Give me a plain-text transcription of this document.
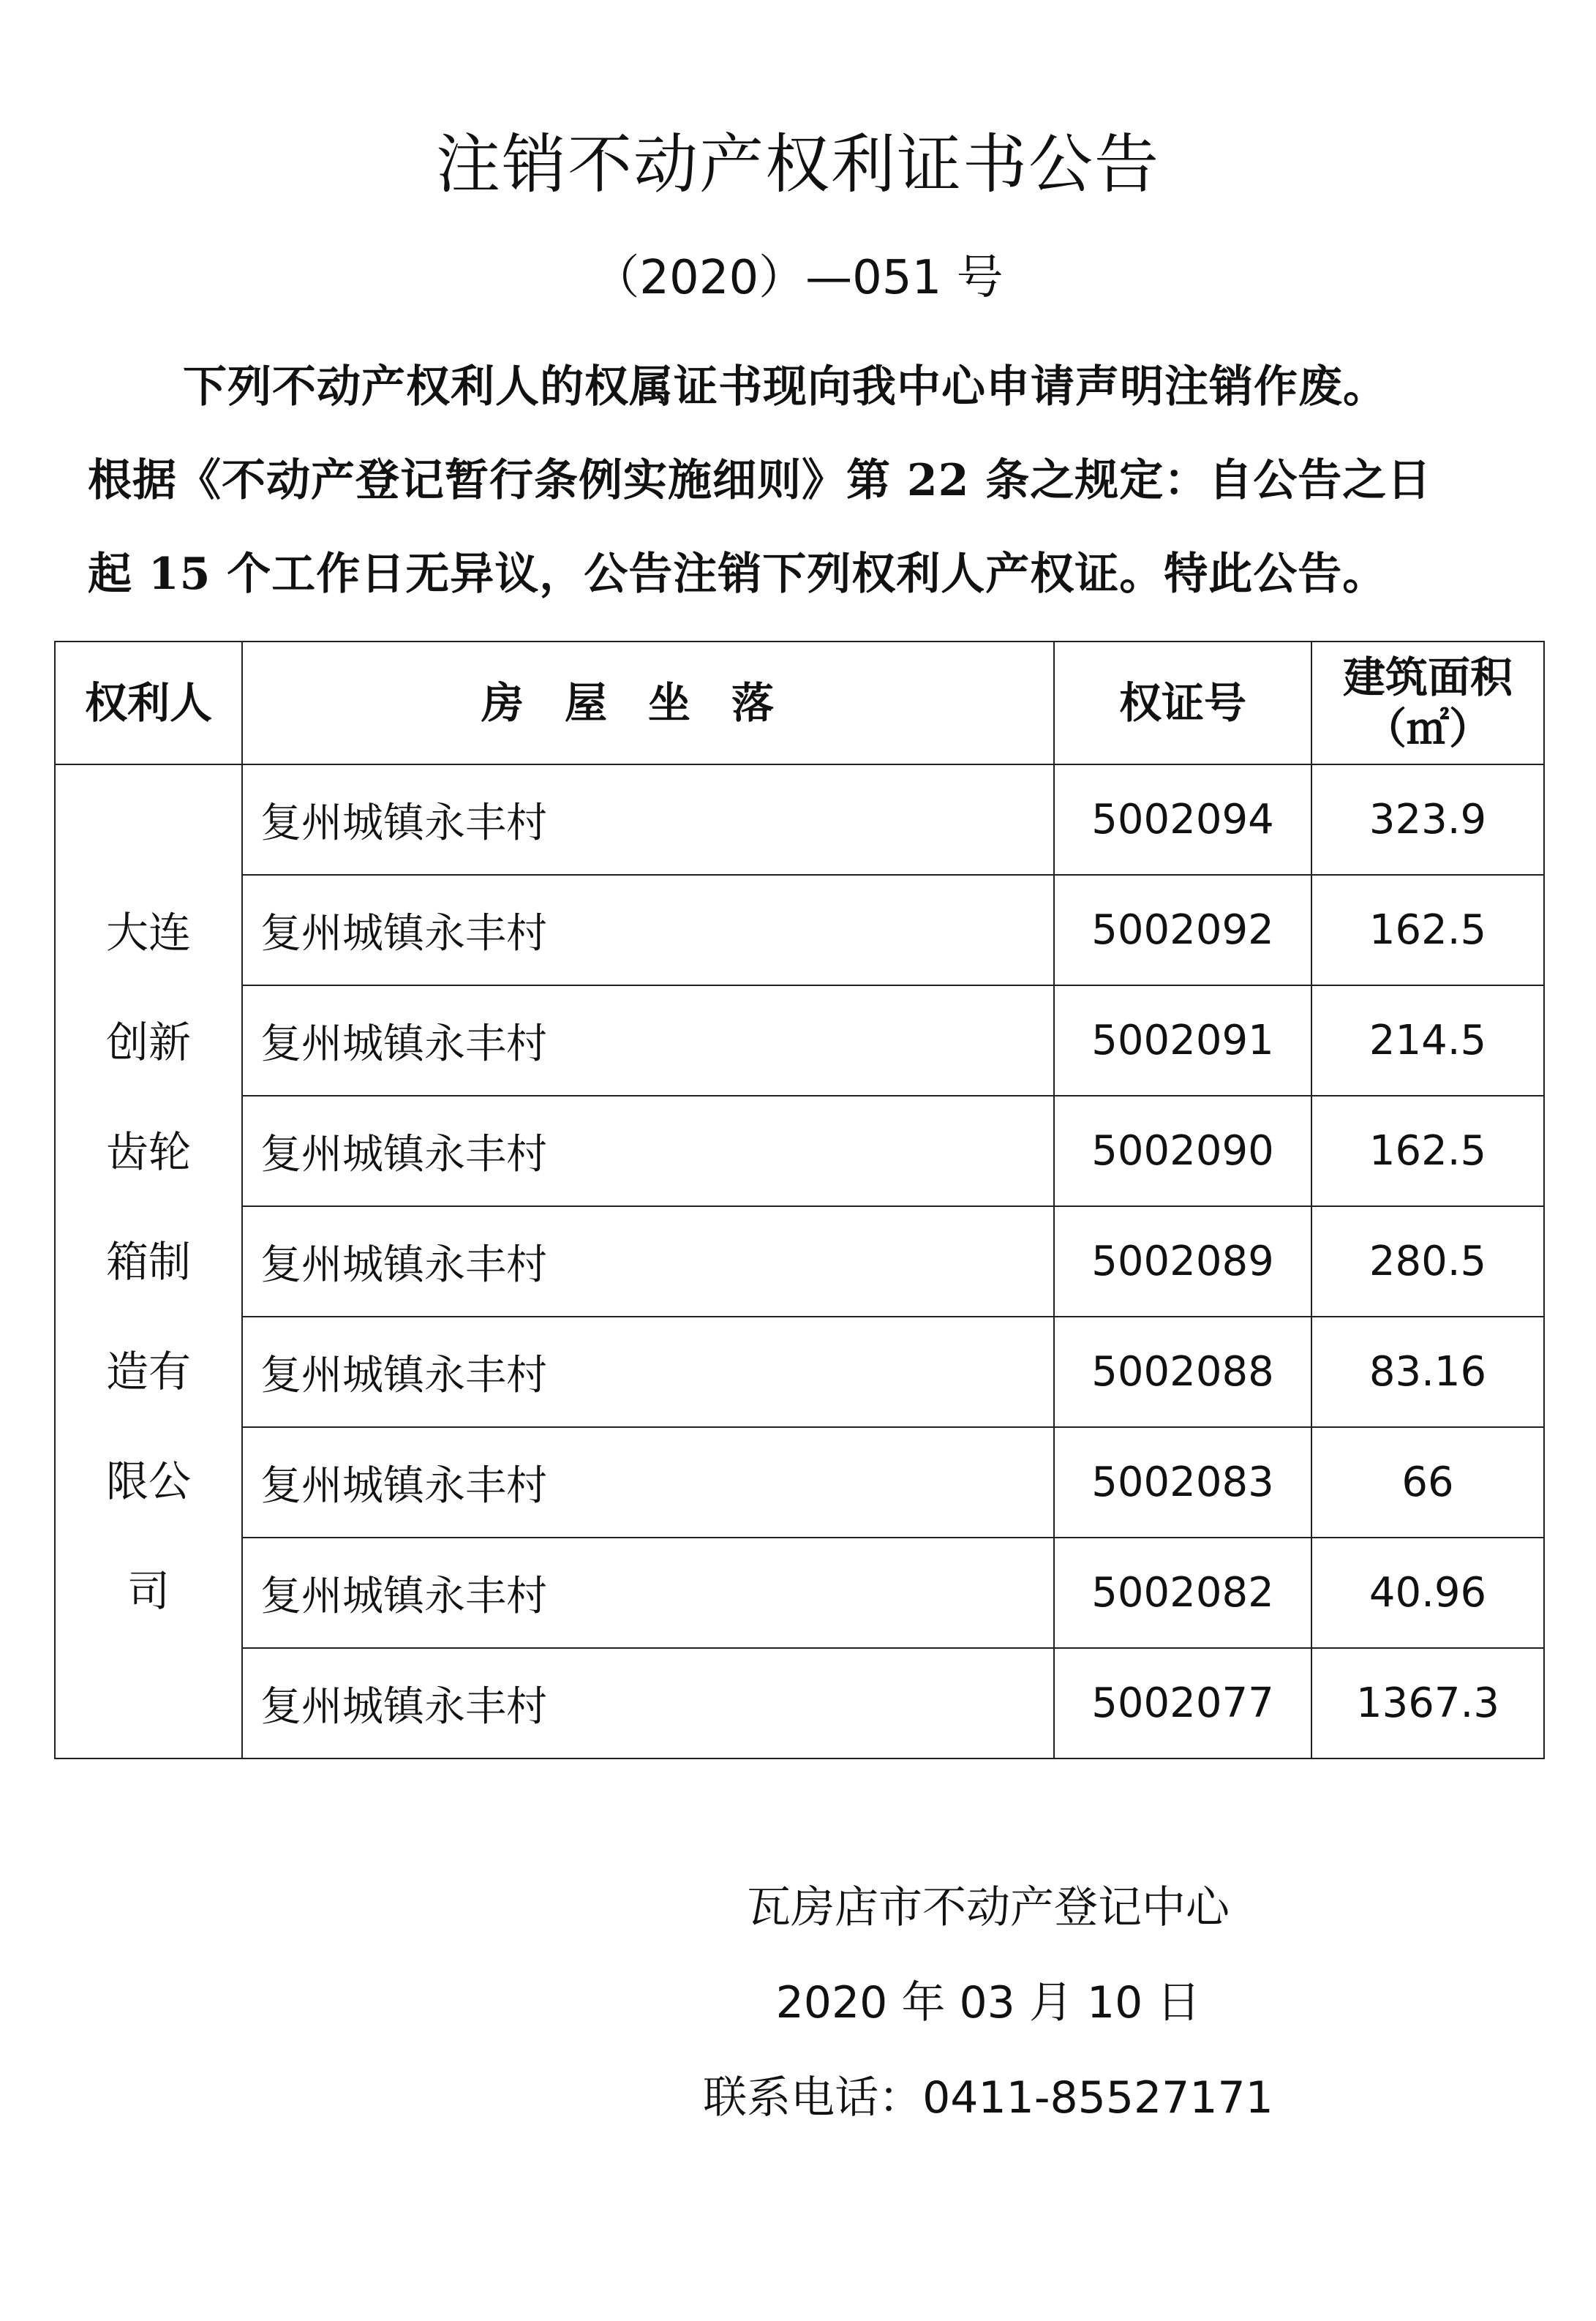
注销不动产权利证书公告
（2020）—051 号
下列不动产权利人的权属证书现向我中心申请声明注销作废。
根据《不动产登记暂行条例实施细则》第 22 条之规定：自公告之日
起 15 个工作日无异议，公告注销下列权利人产权证。特此公告。
权利人	房屋坐落	权证号	建筑面积
（㎡）

大连创新齿轮箱制造有限公司	复州城镇永丰村	5002094	323.9
	复州城镇永丰村	5002092	162.5
	复州城镇永丰村	5002091	214.5
	复州城镇永丰村	5002090	162.5
	复州城镇永丰村	5002089	280.5
	复州城镇永丰村	5002088	83.16
	复州城镇永丰村	5002083	66
	复州城镇永丰村	5002082	40.96
	复州城镇永丰村	5002077	1367.3
瓦房店市不动产登记中心
2020 年 03 月 10 日
联系电话：0411-85527171
